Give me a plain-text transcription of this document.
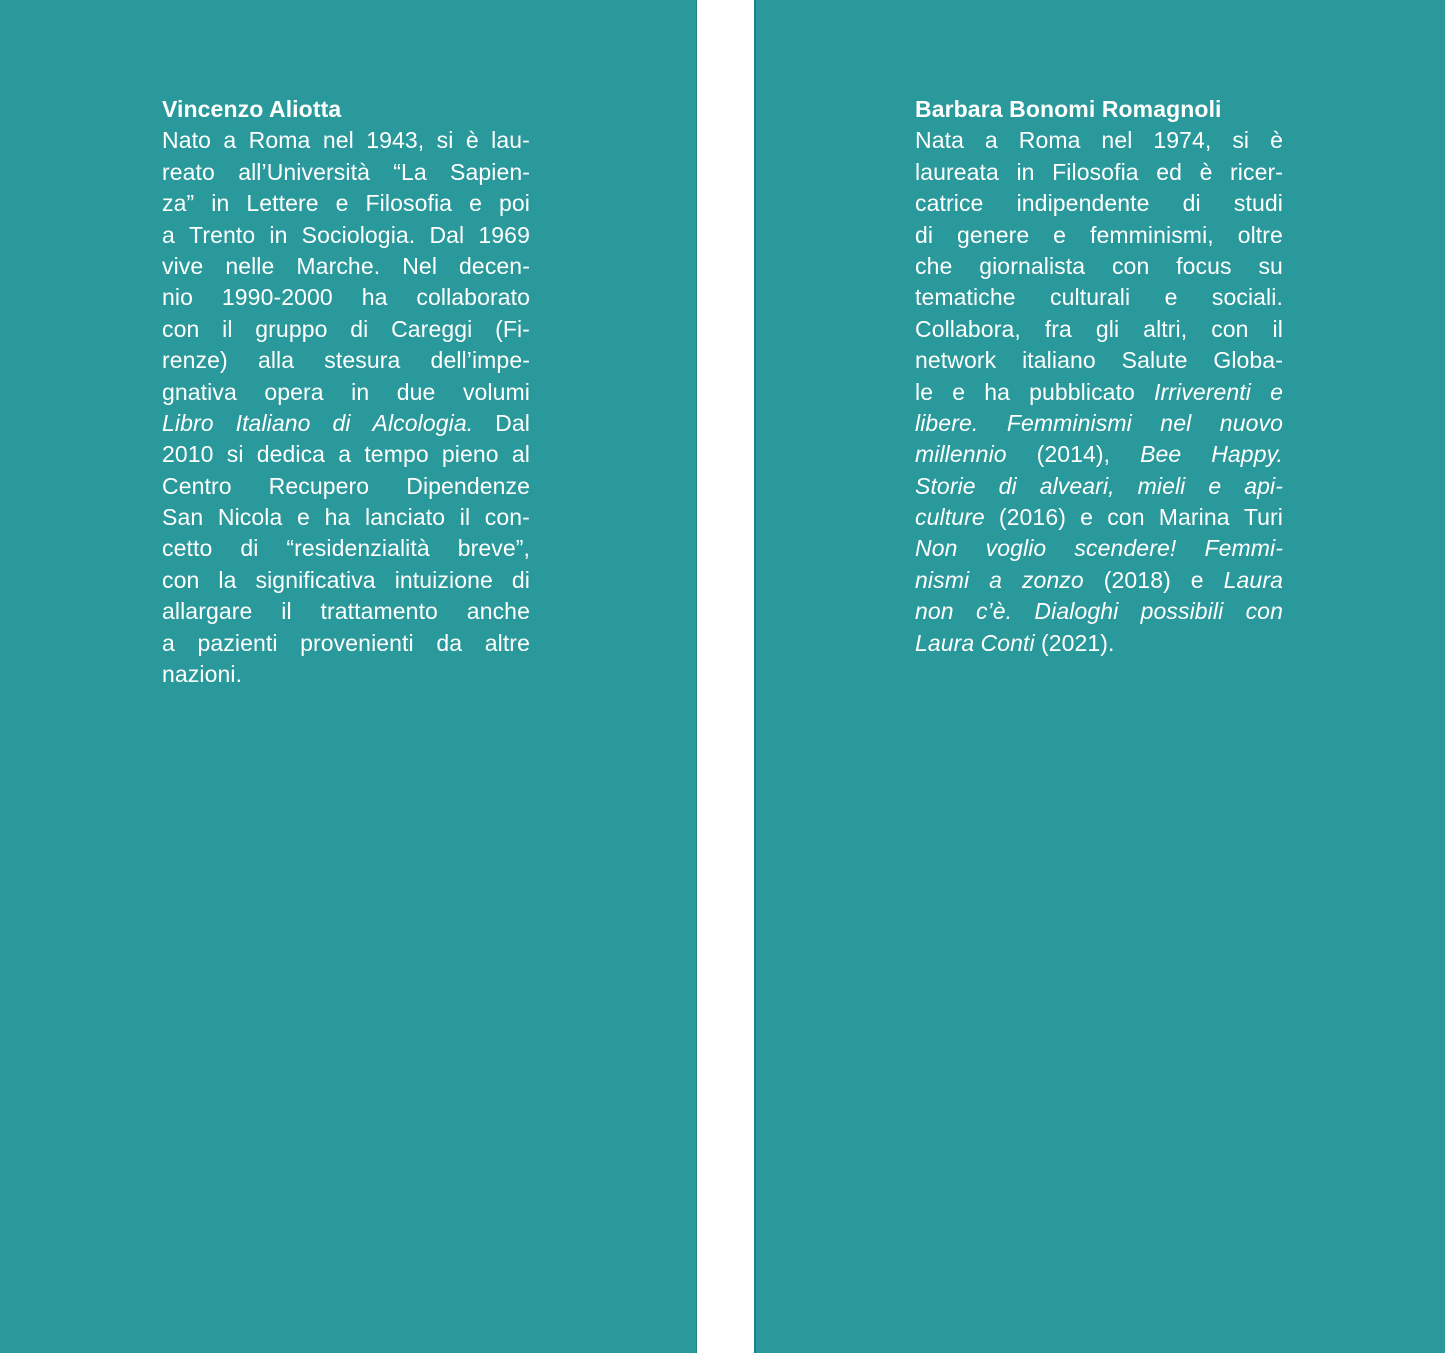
Vincenzo Aliotta
Nato a Roma nel 1943, si è lau-
reato all’Università “La Sapien-
za” in Lettere e Filosofia e poi
a Trento in Sociologia. Dal 1969
vive nelle Marche. Nel decen-
nio 1990-2000 ha collaborato
con il gruppo di Careggi (Fi-
renze) alla stesura dell’impe-
gnativa opera in due volumi
Libro Italiano di Alcologia. Dal
2010 si dedica a tempo pieno al
Centro Recupero Dipendenze
San Nicola e ha lanciato il con-
cetto di “residenzialità breve”,
con la significativa intuizione di
allargare il trattamento anche
a pazienti provenienti da altre
nazioni.
Barbara Bonomi Romagnoli
Nata a Roma nel 1974, si è
laureata in Filosofia ed è ricer-
catrice indipendente di studi
di genere e femminismi, oltre
che giornalista con focus su
tematiche culturali e sociali.
Collabora, fra gli altri, con il
network italiano Salute Globa-
le e ha pubblicato Irriverenti e
libere. Femminismi nel nuovo
millennio (2014), Bee Happy.
Storie di alveari, mieli e api-
culture (2016) e con Marina Turi
Non voglio scendere! Femmi-
nismi a zonzo (2018) e Laura
non c’è. Dialoghi possibili con
Laura Conti (2021).
